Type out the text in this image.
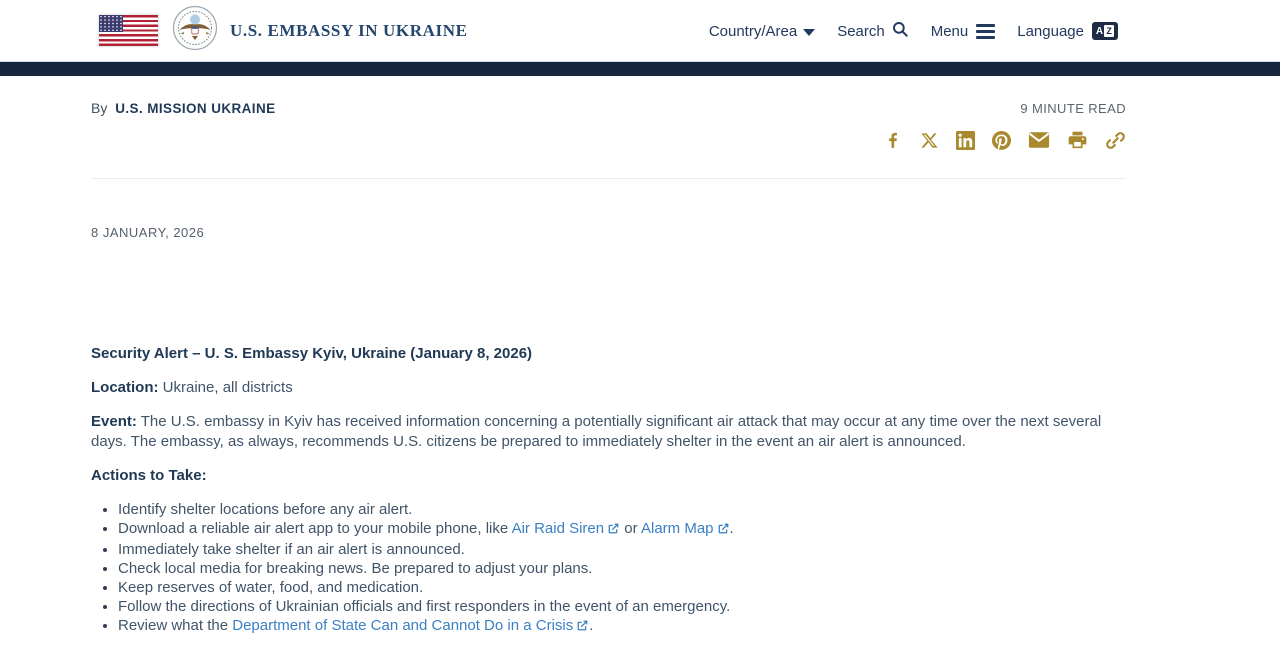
U.S. EMBASSY IN UKRAINE	Country/Area	Search	Menu	Language A Z
By U.S. MISSION UKRAINE	9 MINUTE READ
8 JANUARY, 2026
Security Alert – U. S. Embassy Kyiv, Ukraine (January 8, 2026)

Location: Ukraine, all districts

Event: The U.S. embassy in Kyiv has received information concerning a potentially significant air attack that may occur at any time over the next several days. The embassy, as always, recommends U.S. citizens be prepared to immediately shelter in the event an air alert is announced.

Actions to Take:

• Identify shelter locations before any air alert.
• Download a reliable air alert app to your mobile phone, like Air Raid Siren or Alarm Map .
• Immediately take shelter if an air alert is announced.
• Check local media for breaking news. Be prepared to adjust your plans.
• Keep reserves of water, food, and medication.
• Follow the directions of Ukrainian officials and first responders in the event of an emergency.
• Review what the Department of State Can and Cannot Do in a Crisis .
